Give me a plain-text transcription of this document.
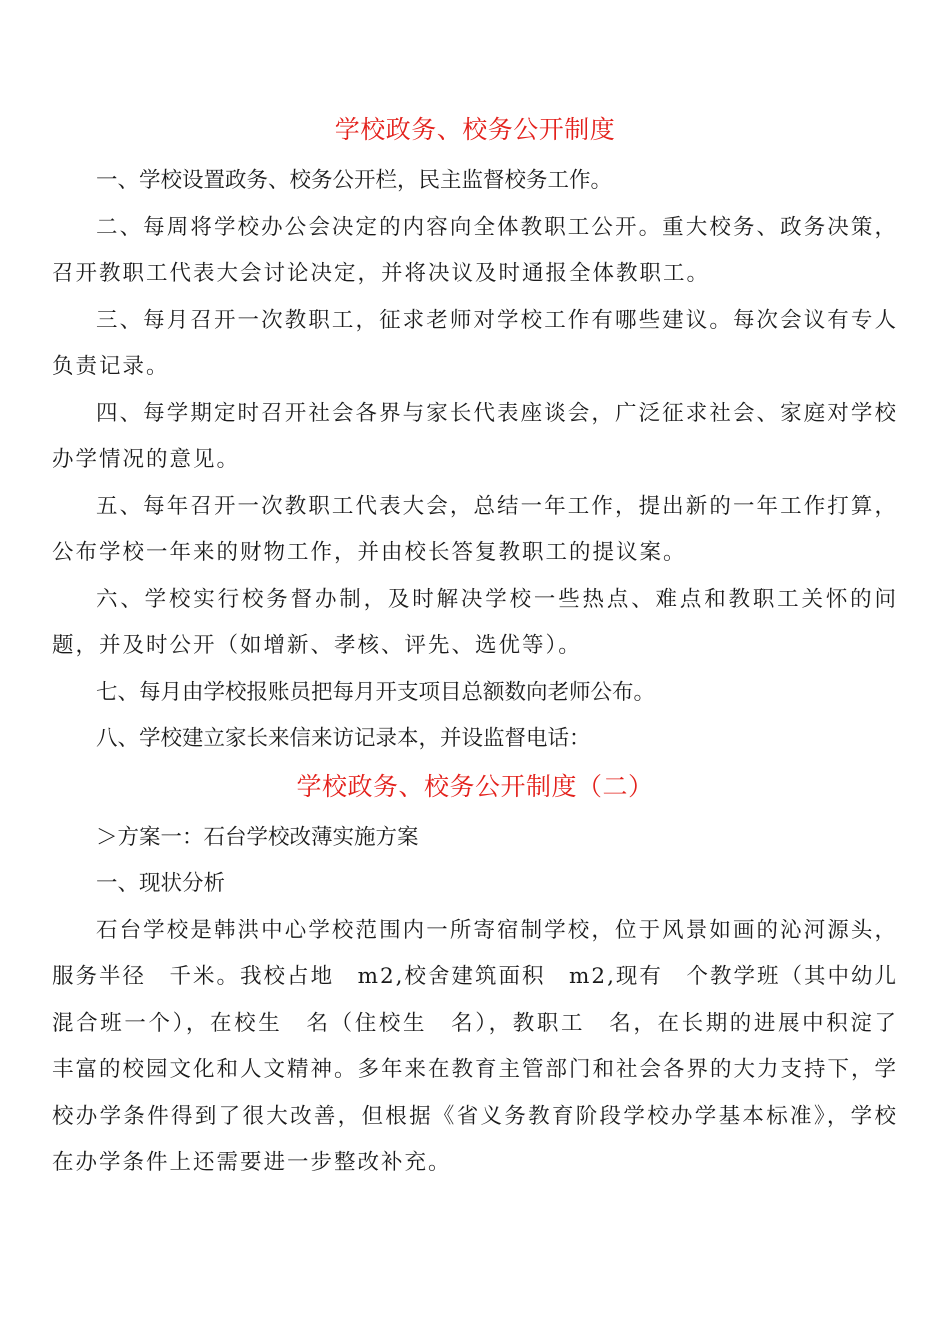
学校政务、校务公开制度

一、学校设置政务、校务公开栏，民主监督校务工作。

二、每周将学校办公会决定的内容向全体教职工公开。重大校务、政务决策，召开教职工代表大会讨论决定，并将决议及时通报全体教职工。

三、每月召开一次教职工，征求老师对学校工作有哪些建议。每次会议有专人负责记录。

四、每学期定时召开社会各界与家长代表座谈会，广泛征求社会、家庭对学校办学情况的意见。

五、每年召开一次教职工代表大会，总结一年工作，提出新的一年工作打算，公布学校一年来的财物工作，并由校长答复教职工的提议案。

六、学校实行校务督办制，及时解决学校一些热点、难点和教职工关怀的问题，并及时公开（如增新、孝核、评先、选优等）。

七、每月由学校报账员把每月开支项目总额数向老师公布。

八、学校建立家长来信来访记录本，并设监督电话：

学校政务、校务公开制度（二）

＞方案一：石台学校改薄实施方案

一、现状分析

石台学校是韩洪中心学校范围内一所寄宿制学校，位于风景如画的沁河源头，服务半径　千米。我校占地　m2,校舍建筑面积　m2,现有　个教学班（其中幼儿混合班一个），在校生　名（住校生　名），教职工　名，在长期的进展中积淀了丰富的校园文化和人文精神。多年来在教育主管部门和社会各界的大力支持下，学校办学条件得到了很大改善，但根据《省义务教育阶段学校办学基本标准》，学校在办学条件上还需要进一步整改补充。
